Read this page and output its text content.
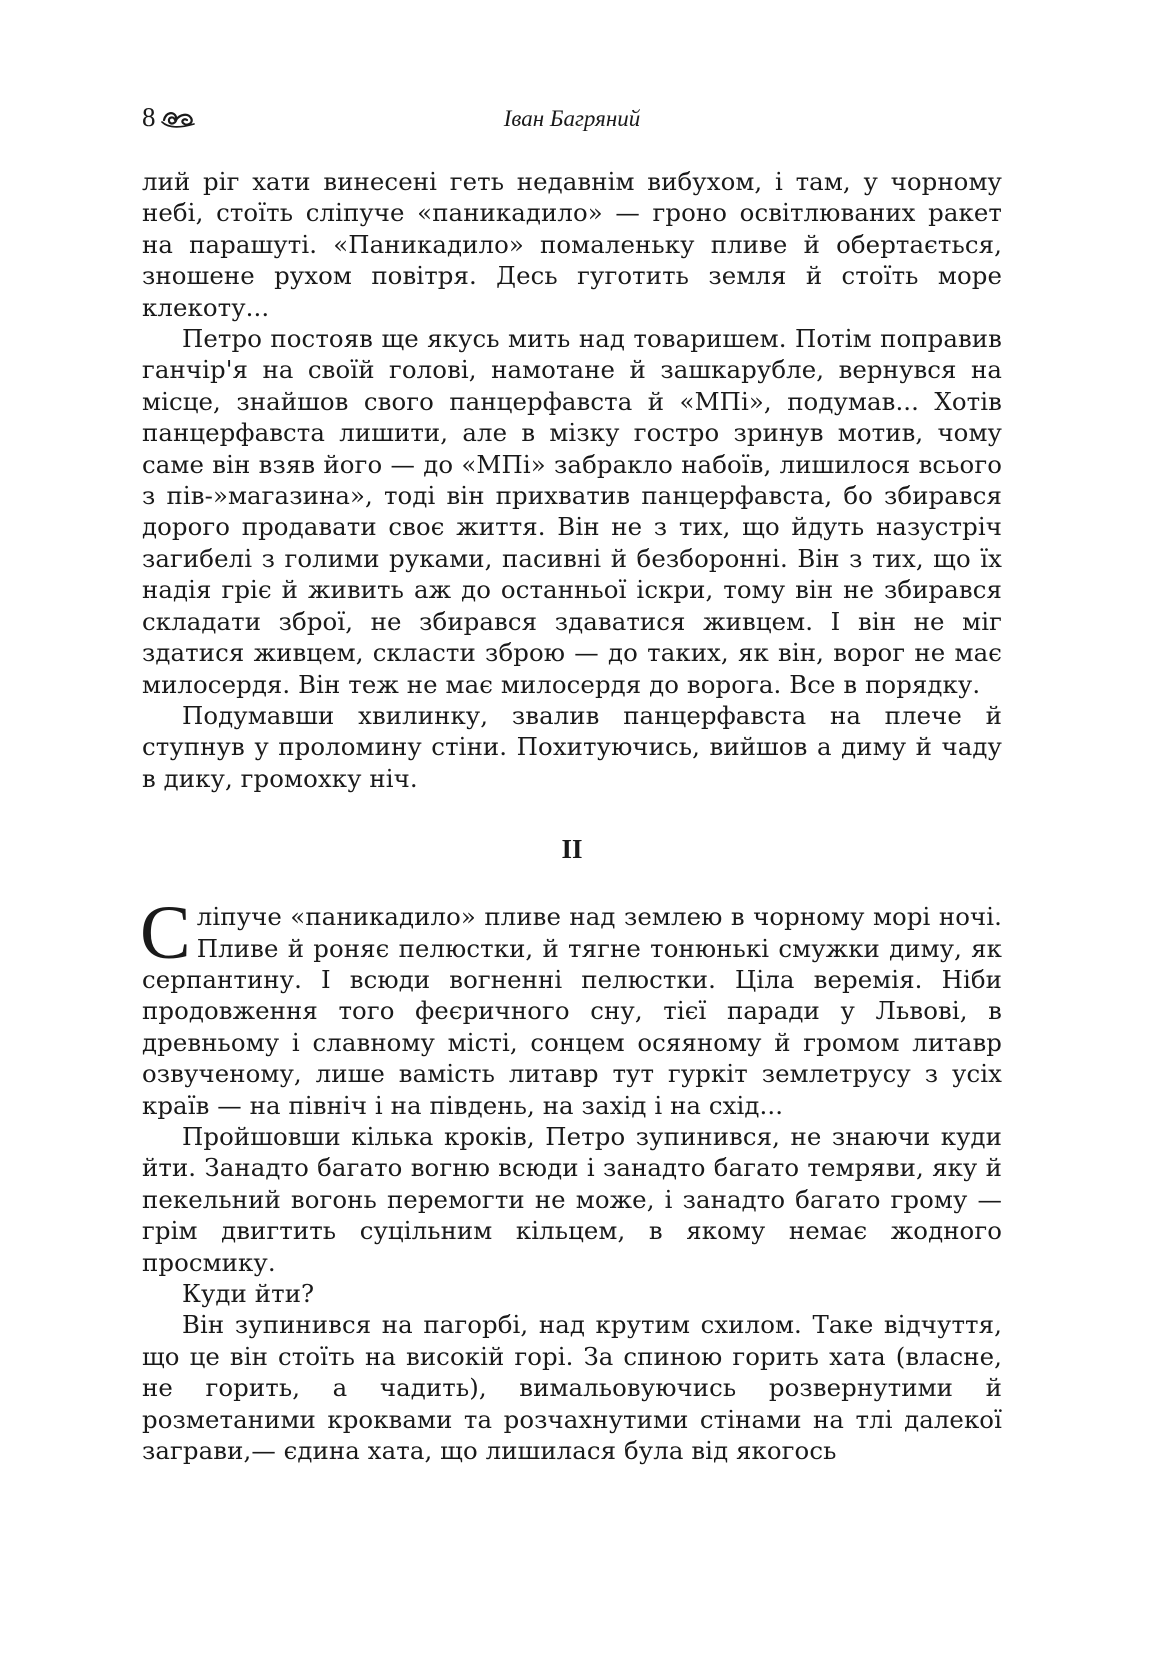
8	Іван Багряний

лий ріг хати винесені геть недавнім вибухом, і там, у чорному небі, стоїть сліпуче «паникадило» — гроно освітлюваних ракет на парашуті. «Паникадило» помаленьку пливе й обертається, зношене рухом повітря. Десь гуготить земля й стоїть море клекоту...

Петро постояв ще якусь мить над товаришем. Потім поправив ганчір'я на своїй голові, намотане й зашкарубле, вернувся на місце, знайшов свого панцерфавста й «МПі», подумав... Хотів панцерфавста лишити, але в мізку гостро зринув мотив, чому саме він взяв його — до «МПі» забракло набоїв, лишилося всього з пів-»магазина», тоді він прихватив панцерфавста, бо збирався дорого продавати своє життя. Він не з тих, що йдуть назустріч загибелі з голими руками, пасивні й безборонні. Він з тих, що їх надія гріє й живить аж до останньої іскри, тому він не збирався складати зброї, не збирався здаватися живцем. І він не міг здатися живцем, скласти зброю — до таких, як він, ворог не має милосердя. Він теж не має милосердя до ворога. Все в порядку.

Подумавши хвилинку, звалив панцерфавста на плече й ступнув у проломину стіни. Похитуючись, вийшов а диму й чаду в дику, громохку ніч.

II

Сліпуче «паникадило» пливе над землею в чорному морі ночі. Пливе й роняє пелюстки, й тягне тонюнькі смужки диму, як серпантину. І всюди вогненні пелюстки. Ціла веремія. Ніби продовження того феєричного сну, тієї паради у Львові, в древньому і славному місті, сонцем осяяному й громом литавр озвученому, лише вамість литавр тут гуркіт землетрусу з усіх країв — на північ і на південь, на захід і на схід...

Пройшовши кілька кроків, Петро зупинився, не знаючи куди йти. Занадто багато вогню всюди і занадто багато темряви, яку й пекельний вогонь перемогти не може, і занадто багато грому — грім двигтить суцільним кільцем, в якому немає жодного просмику.

Куди йти?

Він зупинився на пагорбі, над крутим схилом. Таке відчуття, що це він стоїть на високій горі. За спиною горить хата (власне, не горить, а чадить), вимальовуючись розвернутими й розметаними кроквами та розчахнутими стінами на тлі далекої заграви,— єдина хата, що лишилася була від якогось
